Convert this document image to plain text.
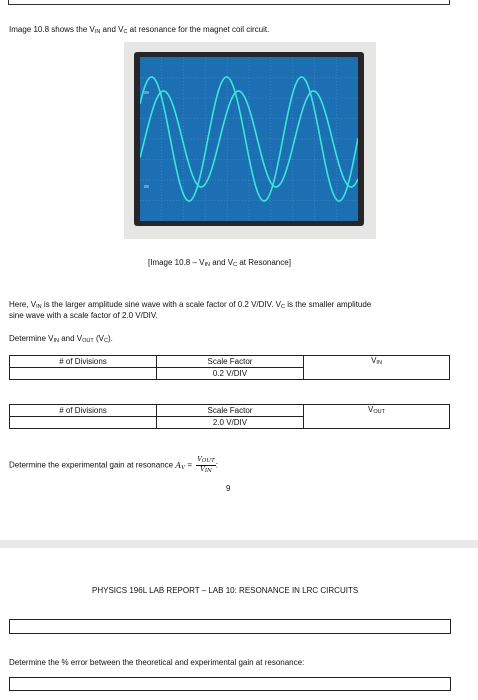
Image 10.8 shows the $V_{IN}$ and $V_C$ at resonance for the magnet coil circuit.
[Image $10.8 - V_{IN}$ and $V_C$ at Resonance]
Here, $V_{IN}$ is the larger amplitude sine wave with a scale factor of 0.2 V/DIV. $V_C$ is the smaller amplitude
sine wave with a scale factor of 2.0 V/DIV.
Determine $V_{IN}$ and $V_{OUT}$ $(V_C)$.
# of Divisions	Scale Factor	$V_{IN}$
	0.2 V/DIV	
# of Divisions	Scale Factor	$V_{OUT}$
	2.0 V/DIV	
Determine the experimental gain at resonance $A_V = \frac{V_{OUT}}{V_{IN}}$ :
9
PHYSICS 196L LAB REPORT – LAB 10: RESONANCE IN LRC CIRCUITS
Determine the % error between the theoretical and experimental gain at resonance:
